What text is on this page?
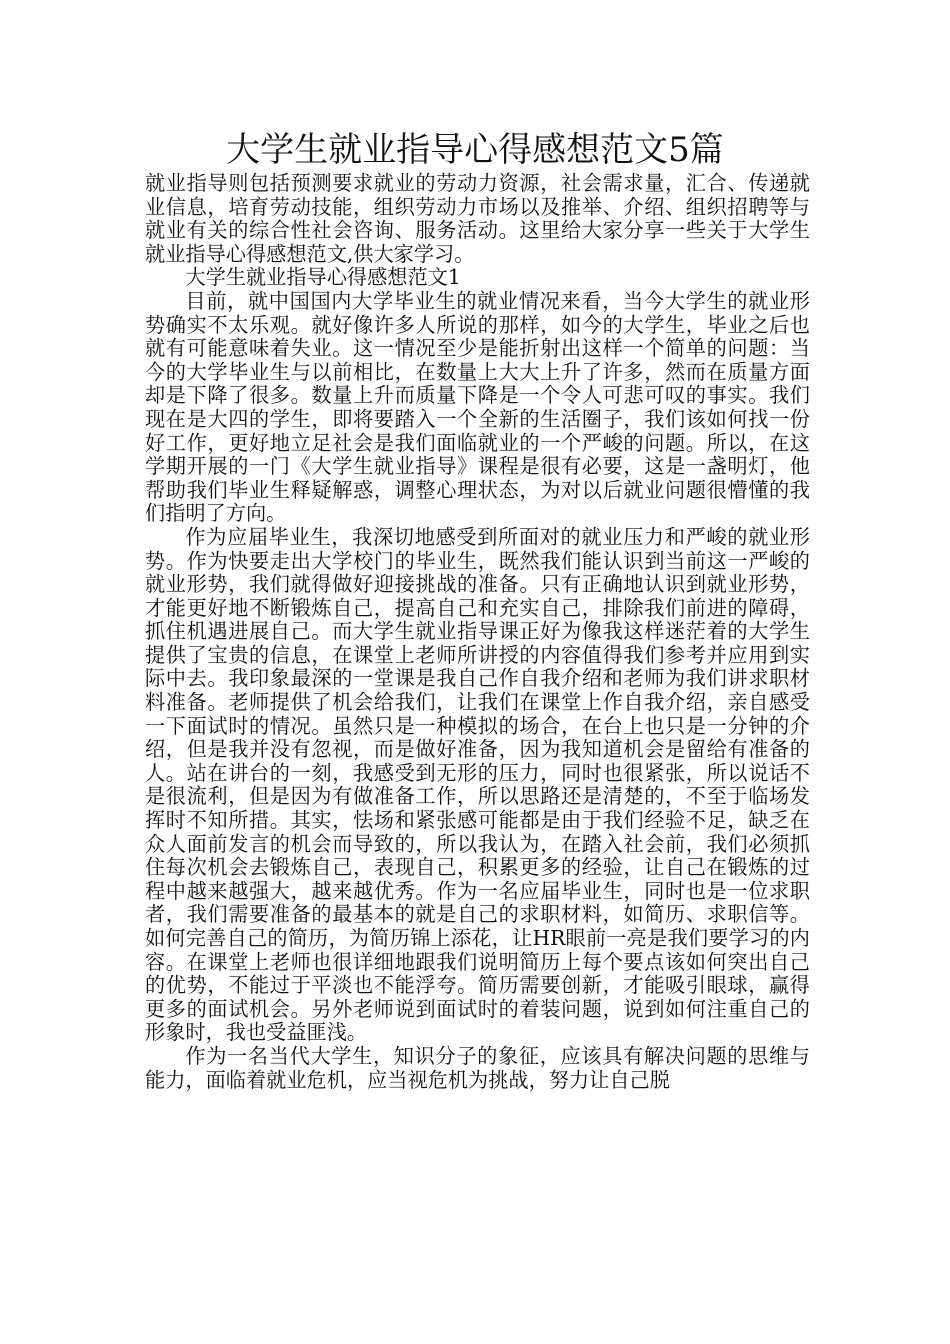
大学生就业指导心得感想范文5篇

就业指导则包括预测要求就业的劳动力资源，社会需求量，汇合、传递就业信息，培育劳动技能，组织劳动力市场以及推举、介绍、组织招聘等与就业有关的综合性社会咨询、服务活动。这里给大家分享一些关于大学生就业指导心得感想范文,供大家学习。

大学生就业指导心得感想范文1

目前，就中国国内大学毕业生的就业情况来看，当今大学生的就业形势确实不太乐观。就好像许多人所说的那样，如今的大学生，毕业之后也就有可能意味着失业。这一情况至少是能折射出这样一个简单的问题：当今的大学毕业生与以前相比，在数量上大大上升了许多，然而在质量方面却是下降了很多。数量上升而质量下降是一个令人可悲可叹的事实。我们现在是大四的学生，即将要踏入一个全新的生活圈子，我们该如何找一份好工作，更好地立足社会是我们面临就业的一个严峻的问题。所以，在这学期开展的一门《大学生就业指导》课程是很有必要，这是一盏明灯，他帮助我们毕业生释疑解惑，调整心理状态，为对以后就业问题很懵懂的我们指明了方向。

作为应届毕业生，我深切地感受到所面对的就业压力和严峻的就业形势。作为快要走出大学校门的毕业生，既然我们能认识到当前这一严峻的就业形势，我们就得做好迎接挑战的准备。只有正确地认识到就业形势，才能更好地不断锻炼自己，提高自己和充实自己，排除我们前进的障碍，抓住机遇进展自己。而大学生就业指导课正好为像我这样迷茫着的大学生提供了宝贵的信息，在课堂上老师所讲授的内容值得我们参考并应用到实际中去。我印象最深的一堂课是我自己作自我介绍和老师为我们讲求职材料准备。老师提供了机会给我们，让我们在课堂上作自我介绍，亲自感受一下面试时的情况。虽然只是一种模拟的场合，在台上也只是一分钟的介绍，但是我并没有忽视，而是做好准备，因为我知道机会是留给有准备的人。站在讲台的一刻，我感受到无形的压力，同时也很紧张，所以说话不是很流利，但是因为有做准备工作，所以思路还是清楚的，不至于临场发挥时不知所措。其实，怯场和紧张感可能都是由于我们经验不足，缺乏在众人面前发言的机会而导致的，所以我认为，在踏入社会前，我们必须抓住每次机会去锻炼自己，表现自己，积累更多的经验，让自己在锻炼的过程中越来越强大，越来越优秀。作为一名应届毕业生，同时也是一位求职者，我们需要准备的最基本的就是自己的求职材料，如简历、求职信等。如何完善自己的简历，为简历锦上添花，让HR眼前一亮是我们要学习的内容。在课堂上老师也很详细地跟我们说明简历上每个要点该如何突出自己的优势，不能过于平淡也不能浮夸。简历需要创新，才能吸引眼球，赢得更多的面试机会。另外老师说到面试时的着装问题，说到如何注重自己的形象时，我也受益匪浅。

作为一名当代大学生，知识分子的象征，应该具有解决问题的思维与能力，面临着就业危机，应当视危机为挑战，努力让自己脱
